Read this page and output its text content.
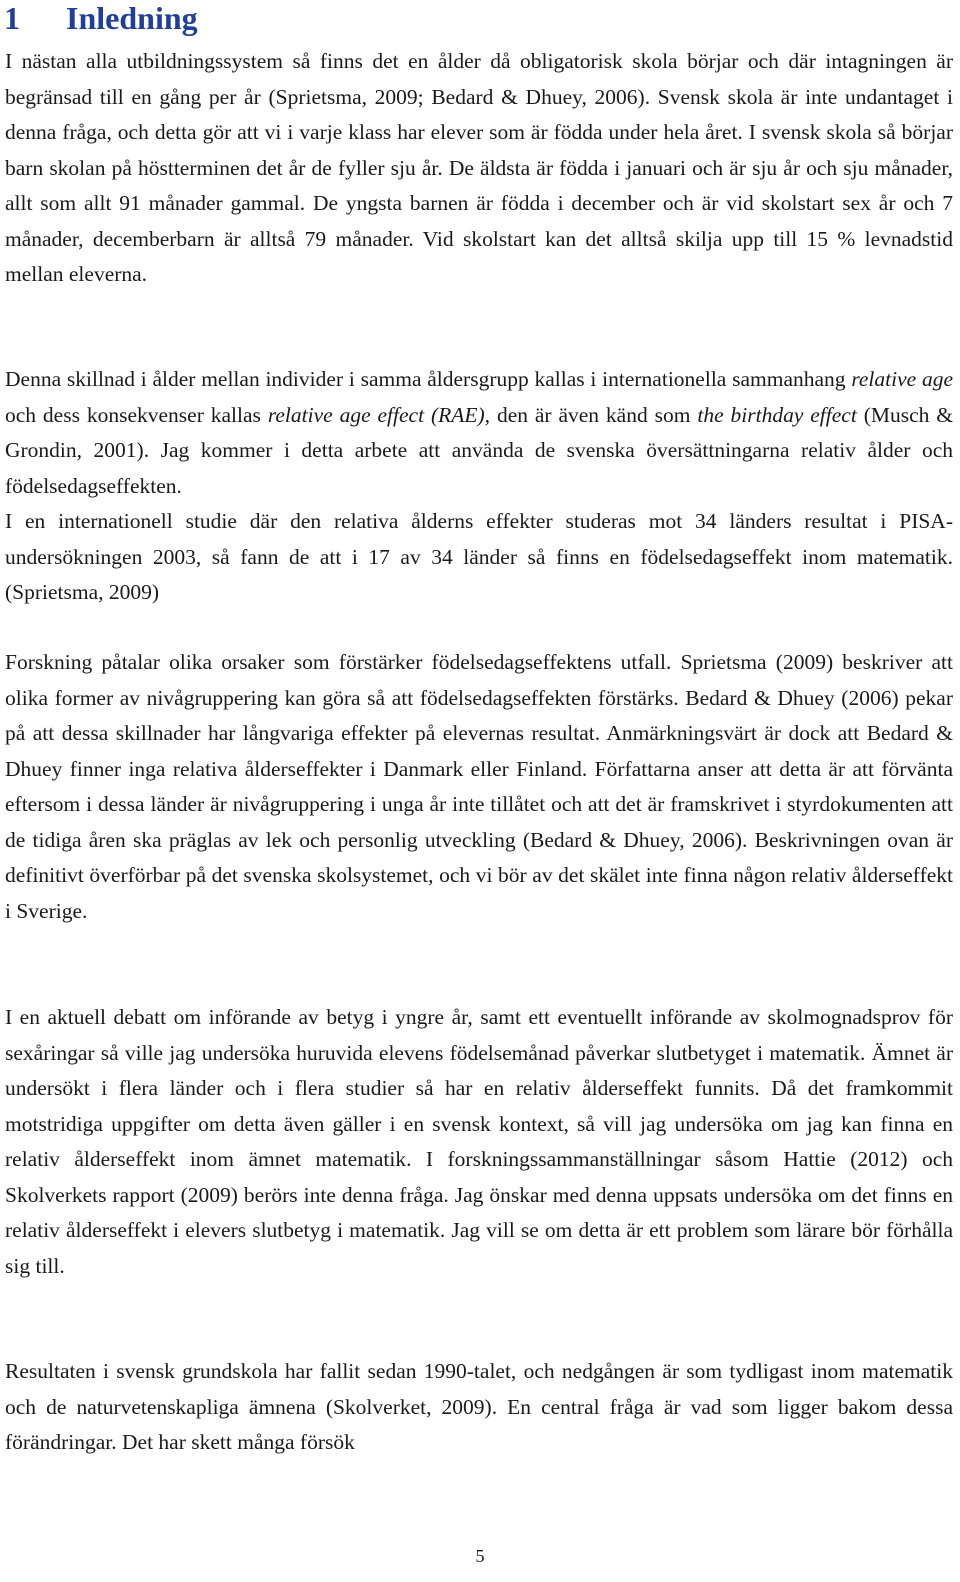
1 Inledning

I nästan alla utbildningssystem så finns det en ålder då obligatorisk skola börjar och där intagningen är begränsad till en gång per år (Sprietsma, 2009; Bedard & Dhuey, 2006). Svensk skola är inte undantaget i denna fråga, och detta gör att vi i varje klass har elever som är födda under hela året. I svensk skola så börjar barn skolan på höstterminen det år de fyller sju år. De äldsta är födda i januari och är sju år och sju månader, allt som allt 91 månader gammal. De yngsta barnen är födda i december och är vid skolstart sex år och 7 månader, decemberbarn är alltså 79 månader. Vid skolstart kan det alltså skilja upp till 15 % levnadstid mellan eleverna.

Denna skillnad i ålder mellan individer i samma åldersgrupp kallas i internationella sammanhang relative age och dess konsekvenser kallas relative age effect (RAE), den är även känd som the birthday effect (Musch & Grondin, 2001). Jag kommer i detta arbete att använda de svenska översättningarna relativ ålder och födelsedagseffekten.

I en internationell studie där den relativa ålderns effekter studeras mot 34 länders resultat i PISA-undersökningen 2003, så fann de att i 17 av 34 länder så finns en födelsedagseffekt inom matematik. (Sprietsma, 2009)

Forskning påtalar olika orsaker som förstärker födelsedagseffektens utfall. Sprietsma (2009) beskriver att olika former av nivågruppering kan göra så att födelsedagseffekten förstärks. Bedard & Dhuey (2006) pekar på att dessa skillnader har långvariga effekter på elevernas resultat. Anmärkningsvärt är dock att Bedard & Dhuey finner inga relativa ålderseffekter i Danmark eller Finland. Författarna anser att detta är att förvänta eftersom i dessa länder är nivågruppering i unga år inte tillåtet och att det är framskrivet i styrdokumenten att de tidiga åren ska präglas av lek och personlig utveckling (Bedard & Dhuey, 2006). Beskrivningen ovan är definitivt överförbar på det svenska skolsystemet, och vi bör av det skälet inte finna någon relativ ålderseffekt i Sverige.

I en aktuell debatt om införande av betyg i yngre år, samt ett eventuellt införande av skolmognadsprov för sexåringar så ville jag undersöka huruvida elevens födelsemånad påverkar slutbetyget i matematik. Ämnet är undersökt i flera länder och i flera studier så har en relativ ålderseffekt funnits. Då det framkommit motstridiga uppgifter om detta även gäller i en svensk kontext, så vill jag undersöka om jag kan finna en relativ ålderseffekt inom ämnet matematik. I forskningssammanställningar såsom Hattie (2012) och Skolverkets rapport (2009) berörs inte denna fråga. Jag önskar med denna uppsats undersöka om det finns en relativ ålderseffekt i elevers slutbetyg i matematik. Jag vill se om detta är ett problem som lärare bör förhålla sig till.

Resultaten i svensk grundskola har fallit sedan 1990-talet, och nedgången är som tydligast inom matematik och de naturvetenskapliga ämnena (Skolverket, 2009). En central fråga är vad som ligger bakom dessa förändringar. Det har skett många försök

5
